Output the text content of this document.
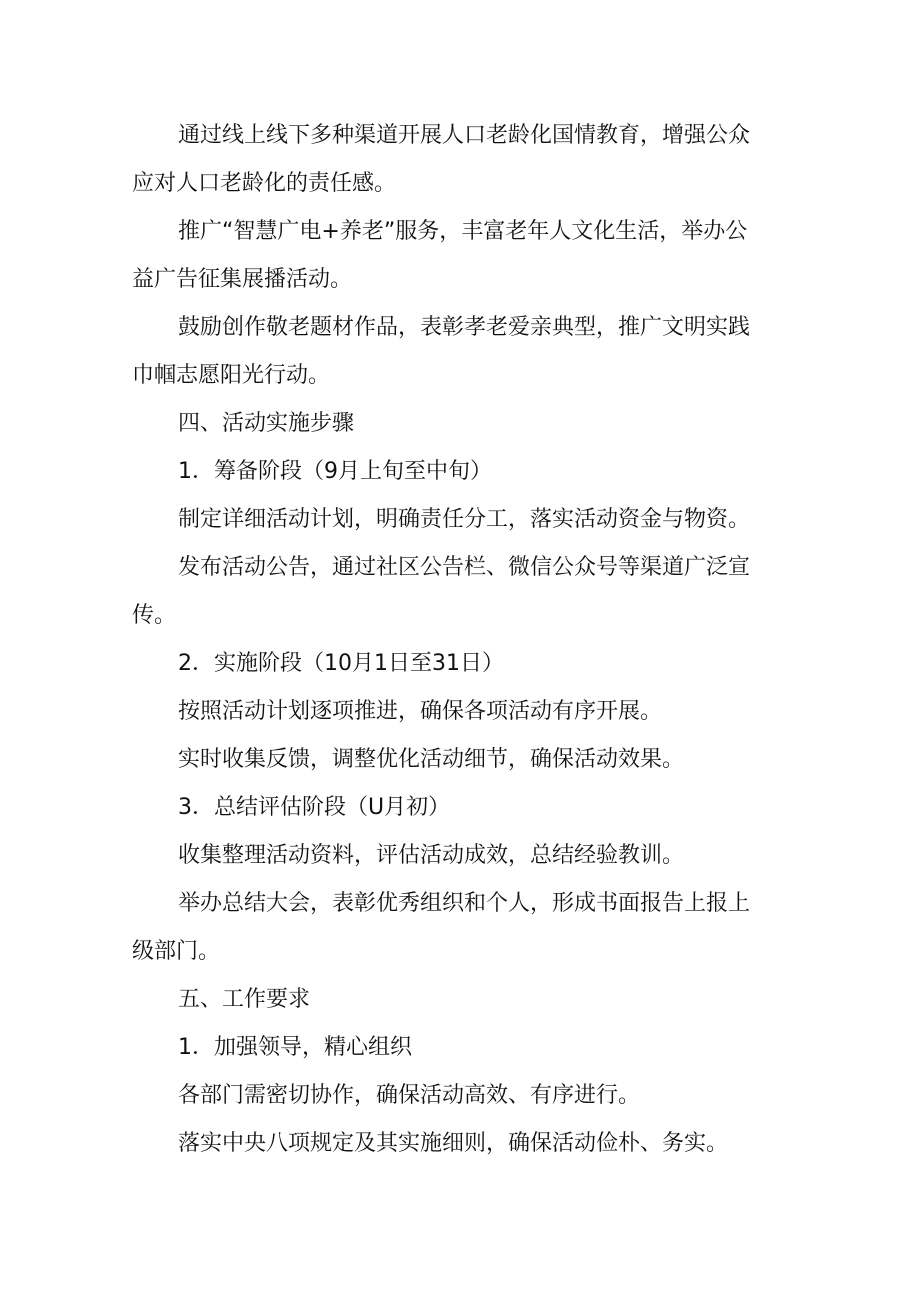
通过线上线下多种渠道开展人口老龄化国情教育，增强公众
应对人口老龄化的责任感。
推广“智慧广电+养老”服务，丰富老年人文化生活，举办公
益广告征集展播活动。
鼓励创作敬老题材作品，表彰孝老爱亲典型，推广文明实践
巾帼志愿阳光行动。
四、活动实施步骤
1．筹备阶段（9月上旬至中旬）
制定详细活动计划，明确责任分工，落实活动资金与物资。
发布活动公告，通过社区公告栏、微信公众号等渠道广泛宣
传。
2．实施阶段（10月1日至31日）
按照活动计划逐项推进，确保各项活动有序开展。
实时收集反馈，调整优化活动细节，确保活动效果。
3．总结评估阶段（U月初）
收集整理活动资料，评估活动成效，总结经验教训。
举办总结大会，表彰优秀组织和个人，形成书面报告上报上
级部门。
五、工作要求
1．加强领导，精心组织
各部门需密切协作，确保活动高效、有序进行。
落实中央八项规定及其实施细则，确保活动俭朴、务实。
